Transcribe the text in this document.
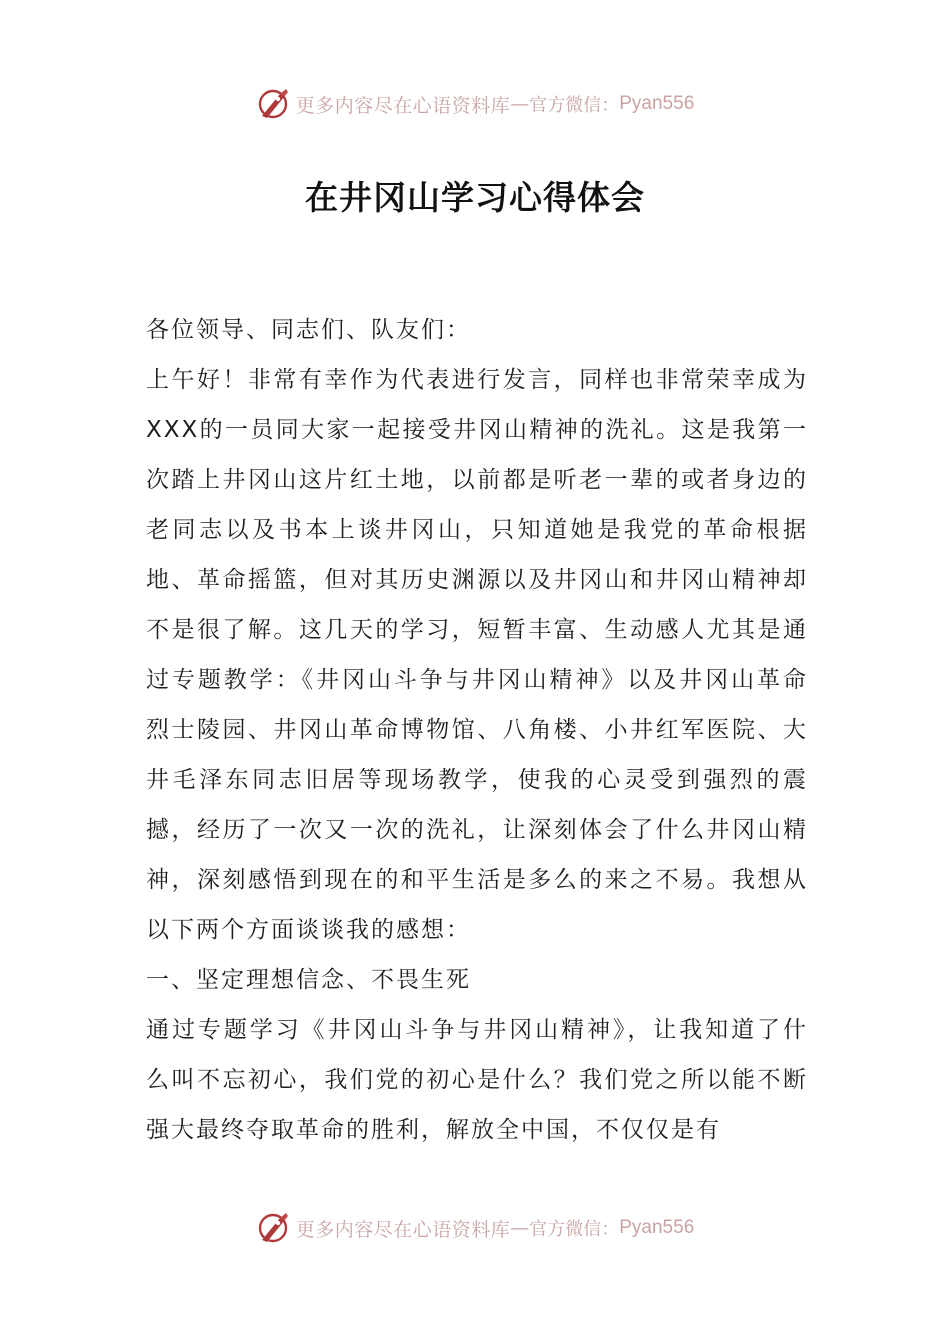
更多内容尽在心语资料库 — 官方微信： Pyan556
在井冈山学习心得体会

各位领导、同志们、队友们：

上午好！非常有幸作为代表进行发言，同样也非常荣幸成为XXX的一员同大家一起接受井冈山精神的洗礼。这是我第一次踏上井冈山这片红土地，以前都是听老一辈的或者身边的老同志以及书本上谈井冈山，只知道她是我党的革命根据地、革命摇篮，但对其历史渊源以及井冈山和井冈山精神却不是很了解。这几天的学习，短暂丰富、生动感人尤其是通过专题教学：《井冈山斗争与井冈山精神》以及井冈山革命烈士陵园、井冈山革命博物馆、八角楼、小井红军医院、大井毛泽东同志旧居等现场教学，使我的心灵受到强烈的震撼，经历了一次又一次的洗礼，让深刻体会了什么井冈山精神，深刻感悟到现在的和平生活是多么的来之不易。我想从以下两个方面谈谈我的感想：

一、坚定理想信念、不畏生死

通过专题学习《井冈山斗争与井冈山精神》，让我知道了什么叫不忘初心，我们党的初心是什么？我们党之所以能不断强大最终夺取革命的胜利，解放全中国，不仅仅是有

更多内容尽在心语资料库 — 官方微信： Pyan556
